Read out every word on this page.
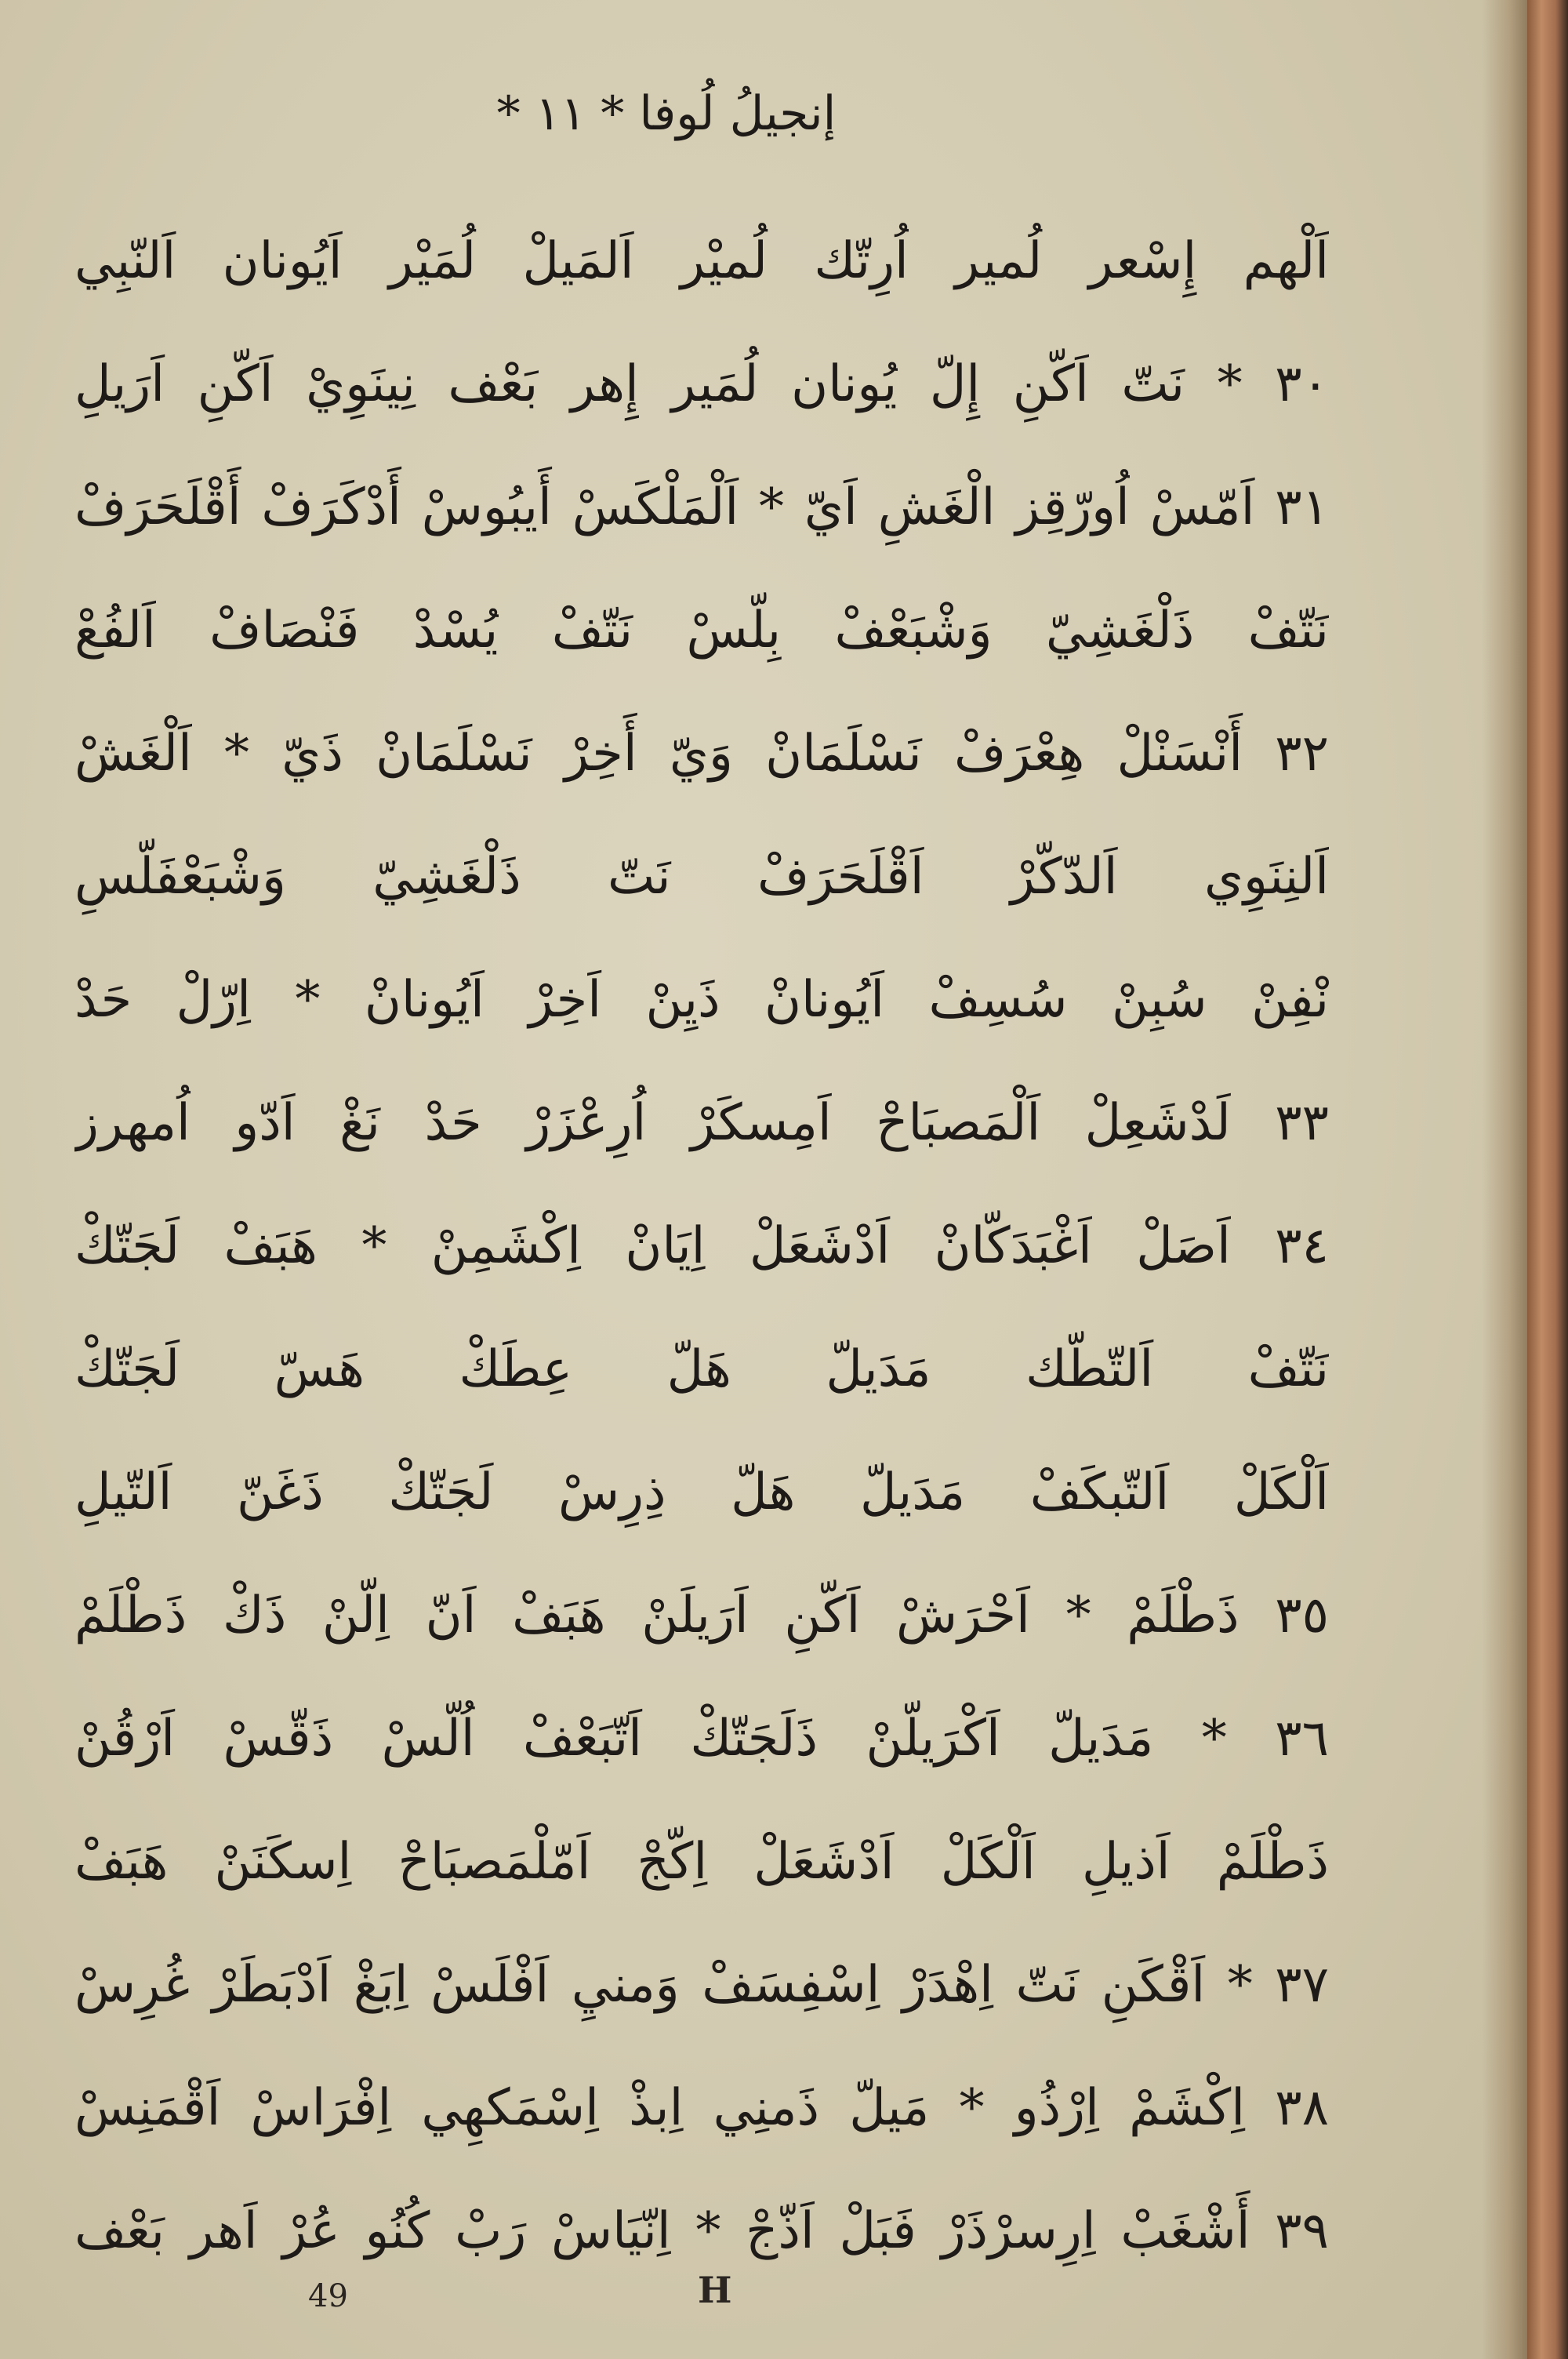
إنجيلُ لُوفا * ١١ *
اَلْهم إِسْعر لُمير اُرِتّك لُميْر اَلمَيلْ لُمَيْر اَيُونان اَلنّبِي
٣٠ * نَتّ اَكّنِ إِلّ يُونان لُمَير إِهر بَعْف نِينَوِيْ اَكّنِ اَرَيلِ
٣١ اَمّسْ اُورّقِز الْغَشِ اَيّ * اَلْمَلْكَسْ أَيبُوسْ أَدْكَرَفْ أَقْلَحَرَفْ
نَتّفْ ذَلْغَشِيّ وَشْبَعْفْ بِلّسْ نَتّفْ يُسْدْ فَنْصَافْ اَلفُعْ
٣٢ أَنْسَنْلْ هِعْرَفْ نَسْلَمَانْ وَيّ أَخِرْ نَسْلَمَانْ ذَيّ * اَلْغَشْ
اَلنِنَوِي اَلدّكّرْ اَقْلَحَرَفْ نَتّ ذَلْغَشِيّ وَشْبَعْفَلّسِ
نْفِنْ سُبِنْ سُسِفْ اَيُونانْ ذَيِنْ اَخِرْ اَيُونانْ * اِرّلْ حَدْ
٣٣ لَدْشَعِلْ اَلْمَصبَاحْ اَمِسكَرْ اُرِعْزَرْ حَدْ نَغْ اَدّو اُمهرز
٣٤ اَصَلْ اَغْبَدَكّانْ اَدْشَعَلْ اِيَانْ اِكْشَمِنْ * هَبَفْ لَجَتّكْ
نَتّفْ اَلتّطّك مَدَيلّ هَلّ عِطَكْ هَسّ لَجَتّكْ
اَلْكَلْ اَلتّبكَفْ مَدَيلّ هَلّ ذِرِسْ لَجَتّكْ ذَغَنّ اَلتّيلِ
٣٥ ذَطْلَمْ * اَحْرَشْ اَكّنِ اَرَيلَنْ هَبَفْ اَنّ اِلّنْ ذَكْ ذَطْلَمْ
٣٦ * مَدَيلّ اَكْرَيلّنْ ذَلَجَتّكْ اَتّبَعْفْ اُلّسْ ذَقّسْ اَرْقُنْ
ذَطْلَمْ اَذيلِ اَلْكَلْ اَدْشَعَلْ اِكّجْ اَمّلْمَصبَاحْ اِسكَنَنْ هَبَفْ
٣٧ * اَقْكَنِ نَتّ اِهْدَرْ اِسْفِسَفْ وَمنيِ اَفْلَسْ اِبَغْ اَدْبَطَرْ غُرِسْ
٣٨ اِكْشَمْ اِرْذُو * مَيلّ ذَمنِي اِبذْ اِسْمَكهِي اِفْرَاسْ اَقْمَنِسْ
٣٩ أَشْغَبْ اِرِسرْذَرْ فَبَلْ اَذّجْ * اِنّيَاسْ رَبْ كُنُو عُرْ اَهر بَعْف
49	H
